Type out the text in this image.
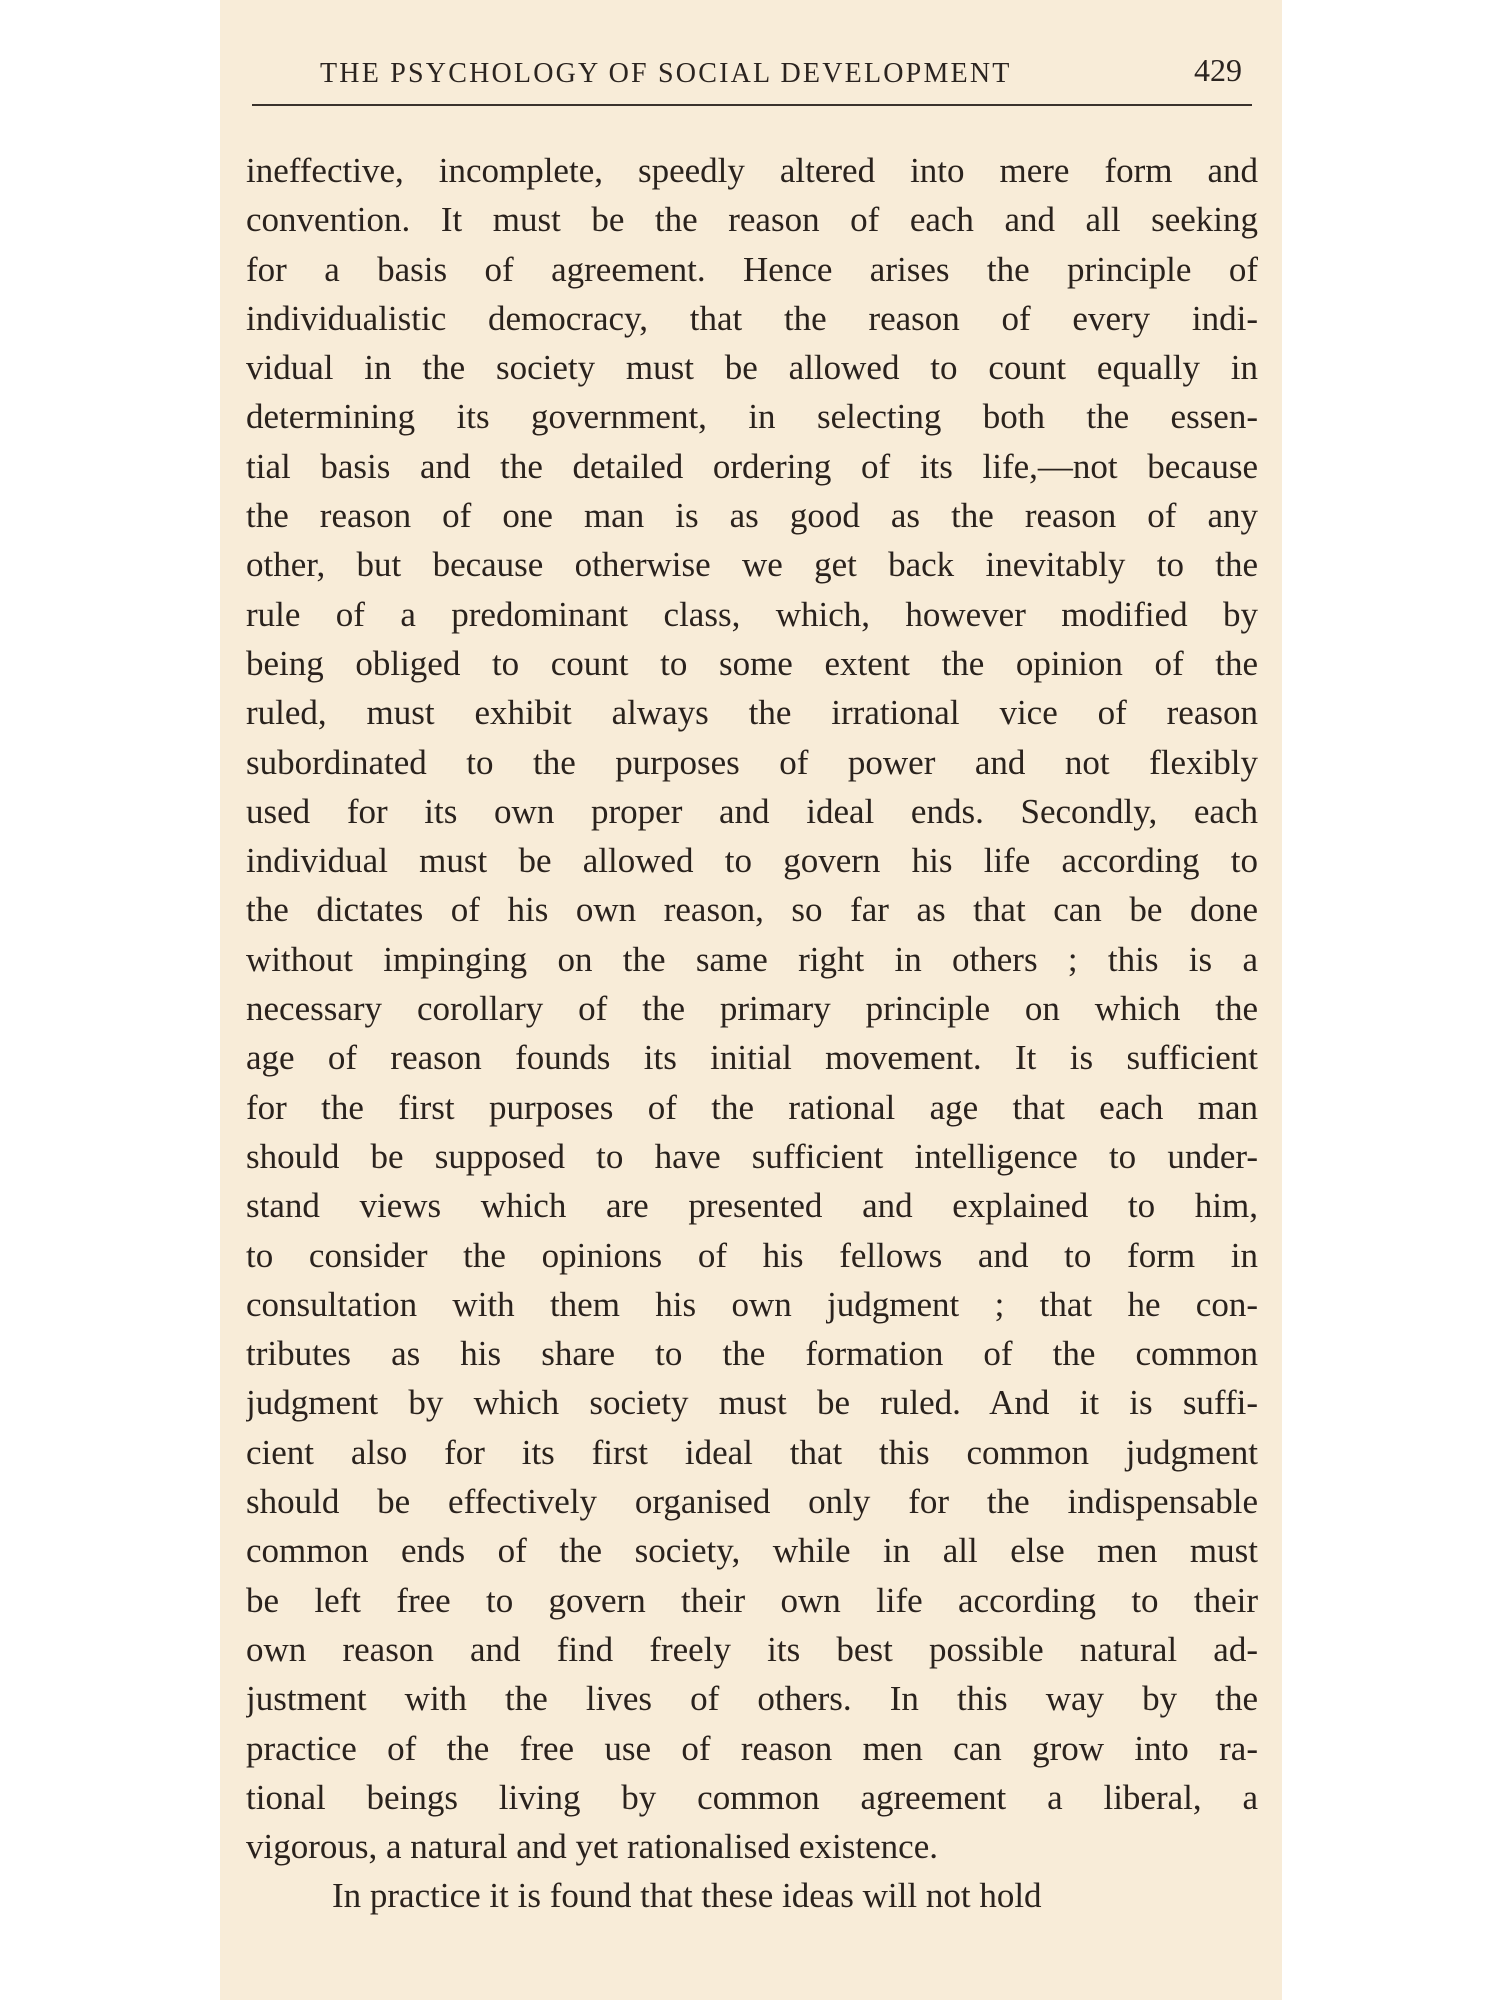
THE PSYCHOLOGY OF SOCIAL DEVELOPMENT	429
ineffective, incomplete, speedly altered into mere form and
convention. It must be the reason of each and all seeking
for a basis of agreement. Hence arises the principle of
individualistic democracy, that the reason of every indi-
vidual in the society must be allowed to count equally in
determining its government, in selecting both the essen-
tial basis and the detailed ordering of its life,—not because
the reason of one man is as good as the reason of any
other, but because otherwise we get back inevitably to the
rule of a predominant class, which, however modified by
being obliged to count to some extent the opinion of the
ruled, must exhibit always the irrational vice of reason
subordinated to the purposes of power and not flexibly
used for its own proper and ideal ends. Secondly, each
individual must be allowed to govern his life according to
the dictates of his own reason, so far as that can be done
without impinging on the same right in others ; this is a
necessary corollary of the primary principle on which the
age of reason founds its initial movement. It is sufficient
for the first purposes of the rational age that each man
should be supposed to have sufficient intelligence to under-
stand views which are presented and explained to him,
to consider the opinions of his fellows and to form in
consultation with them his own judgment ; that he con-
tributes as his share to the formation of the common
judgment by which society must be ruled. And it is suffi-
cient also for its first ideal that this common judgment
should be effectively organised only for the indispensable
common ends of the society, while in all else men must
be left free to govern their own life according to their
own reason and find freely its best possible natural ad-
justment with the lives of others. In this way by the
practice of the free use of reason men can grow into ra-
tional beings living by common agreement a liberal, a
vigorous, a natural and yet rationalised existence.
In practice it is found that these ideas will not hold
